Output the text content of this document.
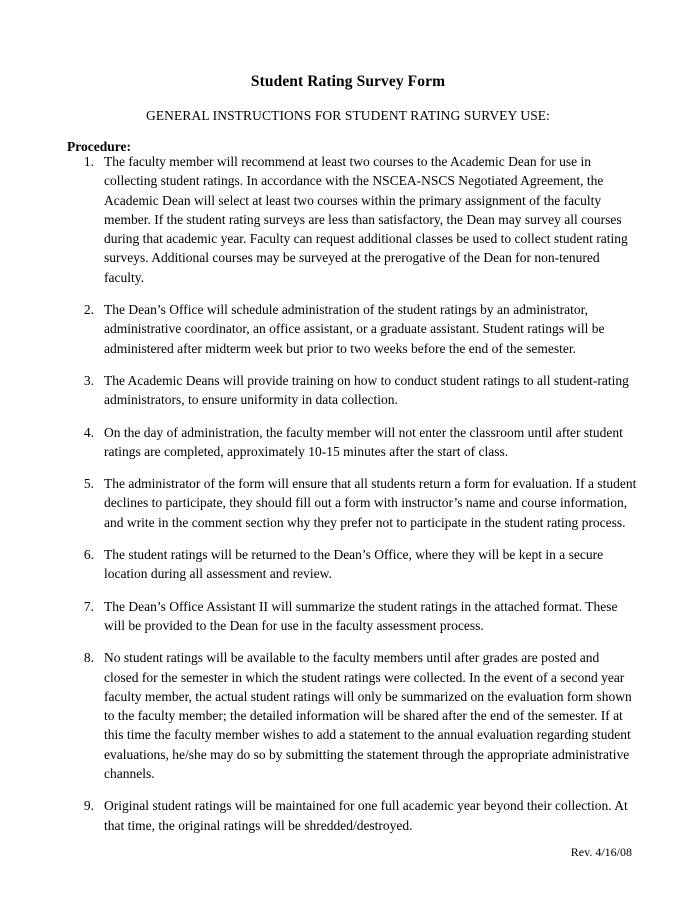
Student Rating Survey Form
GENERAL INSTRUCTIONS FOR STUDENT RATING SURVEY USE:
Procedure:
1. The faculty member will recommend at least two courses to the Academic Dean for use in collecting student ratings. In accordance with the NSCEA-NSCS Negotiated Agreement, the Academic Dean will select at least two courses within the primary assignment of the faculty member. If the student rating surveys are less than satisfactory, the Dean may survey all courses during that academic year. Faculty can request additional classes be used to collect student rating surveys. Additional courses may be surveyed at the prerogative of the Dean for non-tenured faculty.
2. The Dean’s Office will schedule administration of the student ratings by an administrator, administrative coordinator, an office assistant, or a graduate assistant. Student ratings will be administered after midterm week but prior to two weeks before the end of the semester.
3. The Academic Deans will provide training on how to conduct student ratings to all student-rating administrators, to ensure uniformity in data collection.
4. On the day of administration, the faculty member will not enter the classroom until after student ratings are completed, approximately 10-15 minutes after the start of class.
5. The administrator of the form will ensure that all students return a form for evaluation. If a student declines to participate, they should fill out a form with instructor’s name and course information, and write in the comment section why they prefer not to participate in the student rating process.
6. The student ratings will be returned to the Dean’s Office, where they will be kept in a secure location during all assessment and review.
7. The Dean’s Office Assistant II will summarize the student ratings in the attached format. These will be provided to the Dean for use in the faculty assessment process.
8. No student ratings will be available to the faculty members until after grades are posted and closed for the semester in which the student ratings were collected. In the event of a second year faculty member, the actual student ratings will only be summarized on the evaluation form shown to the faculty member; the detailed information will be shared after the end of the semester. If at this time the faculty member wishes to add a statement to the annual evaluation regarding student evaluations, he/she may do so by submitting the statement through the appropriate administrative channels.
9. Original student ratings will be maintained for one full academic year beyond their collection. At that time, the original ratings will be shredded/destroyed.
Rev. 4/16/08
